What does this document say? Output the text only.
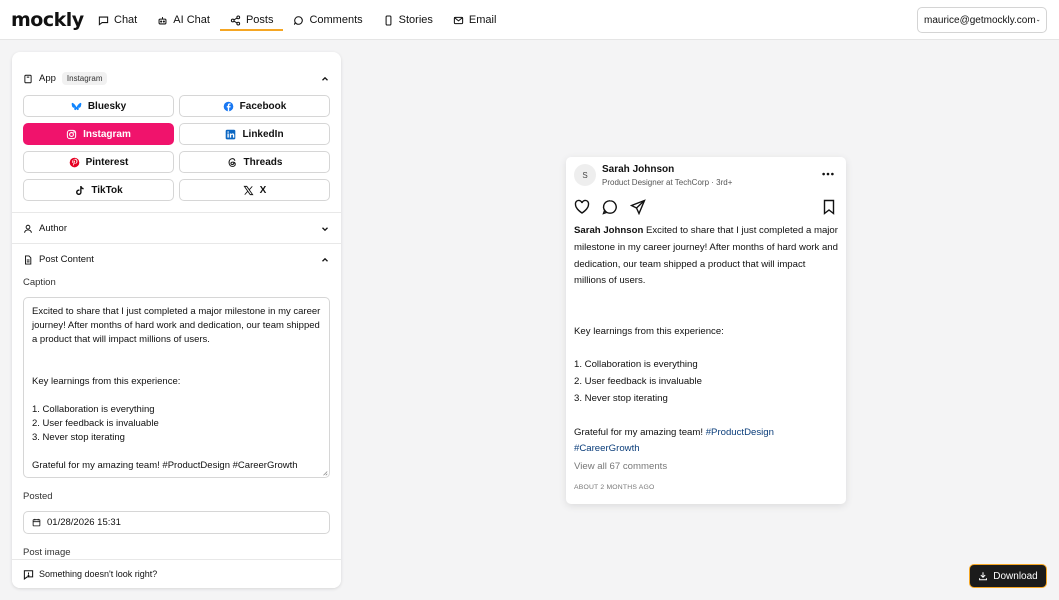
mockly	Chat	AI Chat	Posts	Comments	Stories	Email	maurice@getmockly.com
App	Instagram
Bluesky	Facebook
Instagram	LinkedIn
Pinterest	Threads
TikTok	X
Author
Post Content
Caption
Excited to share that I just completed a major milestone in my career journey! After months of hard work and dedication, our team shipped a product that will impact millions of users.

Key learnings from this experience:

1. Collaboration is everything
2. User feedback is invaluable
3. Never stop iterating

Grateful for my amazing team! #ProductDesign #CareerGrowth
Posted
01/28/2026 15:31
Post image
Something doesn't look right?
S	Sarah Johnson
Product Designer at TechCorp · 3rd+
Sarah Johnson Excited to share that I just completed a major milestone in my career journey! After months of hard work and dedication, our team shipped a product that will impact millions of users.
Key learnings from this experience:
1. Collaboration is everything
2. User feedback is invaluable
3. Never stop iterating
Grateful for my amazing team! #ProductDesign
#CareerGrowth
View all 67 comments
ABOUT 2 MONTHS AGO
Download
